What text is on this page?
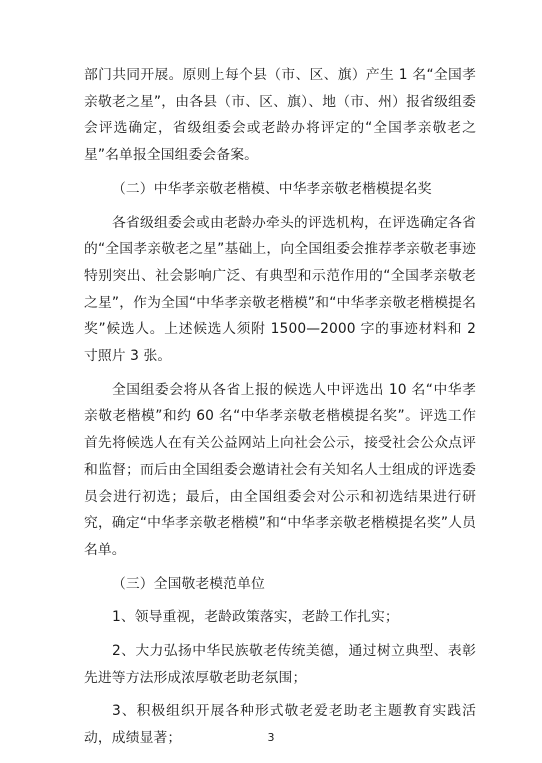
部门共同开展。原则上每个县（市、区、旗）产生 1 名“全国孝亲敬老之星”，由各县（市、区、旗）、地（市、州）报省级组委会评选确定，省级组委会或老龄办将评定的“全国孝亲敬老之星”名单报全国组委会备案。

（二）中华孝亲敬老楷模、中华孝亲敬老楷模提名奖

各省级组委会或由老龄办牵头的评选机构，在评选确定各省的“全国孝亲敬老之星”基础上，向全国组委会推荐孝亲敬老事迹特别突出、社会影响广泛、有典型和示范作用的“全国孝亲敬老之星”，作为全国“中华孝亲敬老楷模”和“中华孝亲敬老楷模提名奖”候选人。上述候选人须附 1500—2000 字的事迹材料和 2 寸照片 3 张。

全国组委会将从各省上报的候选人中评选出 10 名“中华孝亲敬老楷模”和约 60 名“中华孝亲敬老楷模提名奖”。评选工作首先将候选人在有关公益网站上向社会公示，接受社会公众点评和监督；而后由全国组委会邀请社会有关知名人士组成的评选委员会进行初选；最后，由全国组委会对公示和初选结果进行研究，确定“中华孝亲敬老楷模”和“中华孝亲敬老楷模提名奖”人员名单。

（三）全国敬老模范单位

1、领导重视，老龄政策落实，老龄工作扎实；

2、大力弘扬中华民族敬老传统美德，通过树立典型、表彰先进等方法形成浓厚敬老助老氛围；

3、积极组织开展各种形式敬老爱老助老主题教育实践活动，成绩显著；	3
